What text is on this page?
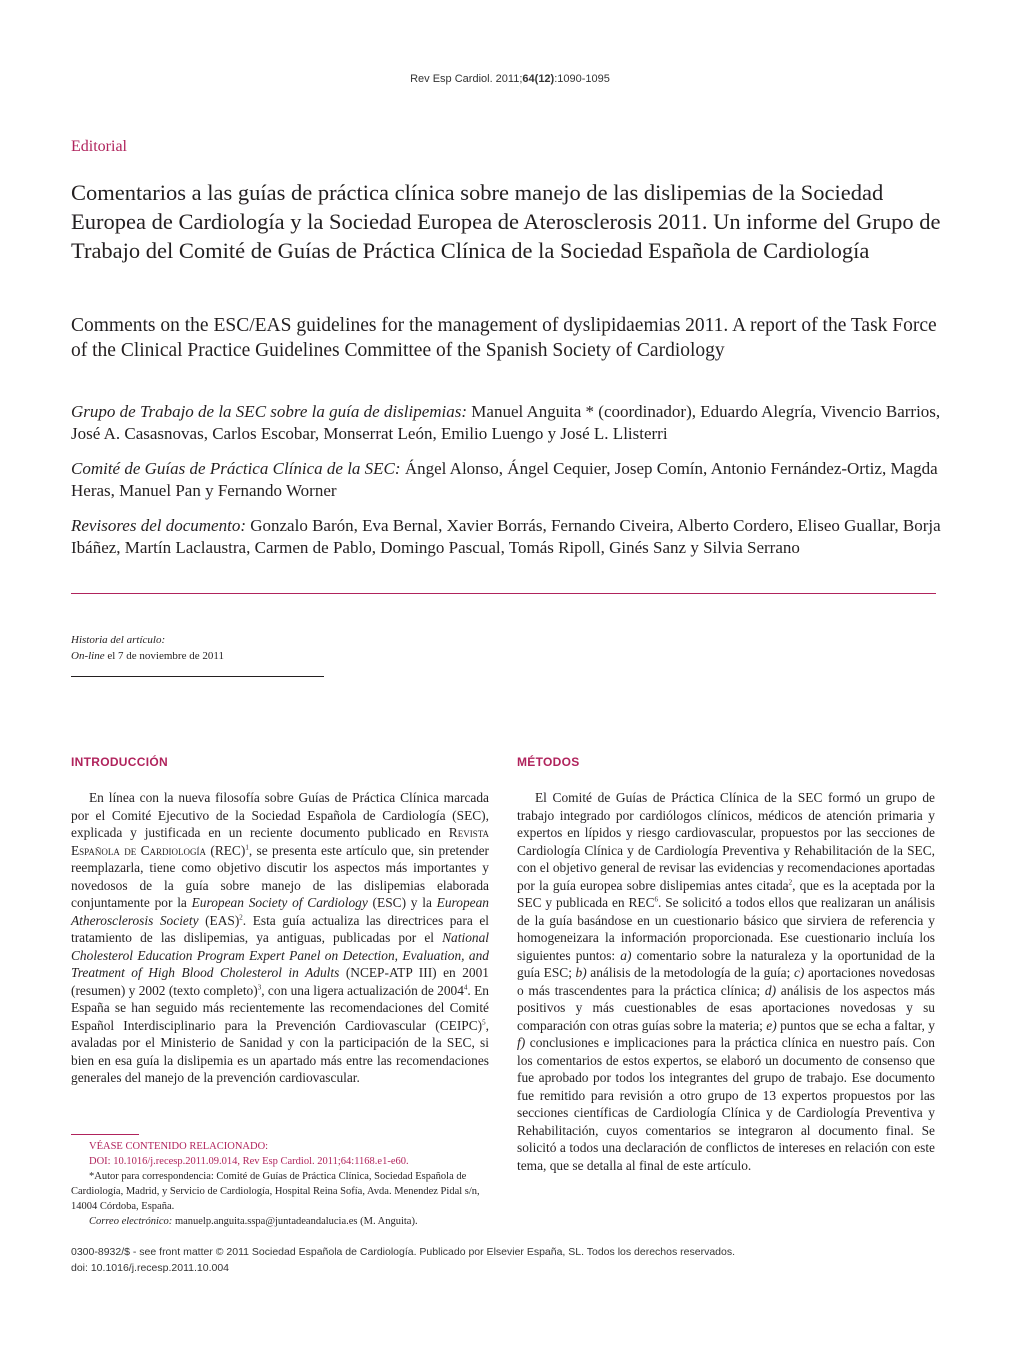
Rev Esp Cardiol. 2011;64(12):1090-1095
Editorial
Comentarios a las guías de práctica clínica sobre manejo de las dislipemias de la Sociedad Europea de Cardiología y la Sociedad Europea de Aterosclerosis 2011. Un informe del Grupo de Trabajo del Comité de Guías de Práctica Clínica de la Sociedad Española de Cardiología
Comments on the ESC/EAS guidelines for the management of dyslipidaemias 2011. A report of the Task Force of the Clinical Practice Guidelines Committee of the Spanish Society of Cardiology
Grupo de Trabajo de la SEC sobre la guía de dislipemias: Manuel Anguita * (coordinador), Eduardo Alegría, Vivencio Barrios, José A. Casasnovas, Carlos Escobar, Monserrat León, Emilio Luengo y José L. Llisterri
Comité de Guías de Práctica Clínica de la SEC: Ángel Alonso, Ángel Cequier, Josep Comín, Antonio Fernández-Ortiz, Magda Heras, Manuel Pan y Fernando Worner
Revisores del documento: Gonzalo Barón, Eva Bernal, Xavier Borrás, Fernando Civeira, Alberto Cordero, Eliseo Guallar, Borja Ibáñez, Martín Laclaustra, Carmen de Pablo, Domingo Pascual, Tomás Ripoll, Ginés Sanz y Silvia Serrano
Historia del artículo:
On-line el 7 de noviembre de 2011
INTRODUCCIÓN	MÉTODOS

En línea con la nueva filosofía sobre Guías de Práctica Clínica marcada por el Comité Ejecutivo de la Sociedad Española de Cardiología (SEC), explicada y justificada en un reciente documento publicado en Revista Española de Cardiología (REC)$^1$, se presenta este artículo que, sin pretender reemplazarla, tiene como objetivo discutir los aspectos más importantes y novedosos de la guía sobre manejo de las dislipemias elaborada conjuntamente por la European Society of Cardiology (ESC) y la European Atherosclerosis Society (EAS)$^2$. Esta guía actualiza las directrices para el tratamiento de las dislipemias, ya antiguas, publicadas por el National Cholesterol Education Program Expert Panel on Detection, Evaluation, and Treatment of High Blood Cholesterol in Adults (NCEP-ATP III) en 2001 (resumen) y 2002 (texto completo)$^3$, con una ligera actualización de 2004$^4$. En España se han seguido más recientemente las recomendaciones del Comité Español Interdisciplinario para la Prevención Cardiovascular (CEIPC)$^5$, avaladas por el Ministerio de Sanidad y con la participación de la SEC, si bien en esa guía la dislipemia es un apartado más entre las recomendaciones generales del manejo de la prevención cardiovascular.

El Comité de Guías de Práctica Clínica de la SEC formó un grupo de trabajo integrado por cardiólogos clínicos, médicos de atención primaria y expertos en lípidos y riesgo cardiovascular, propuestos por las secciones de Cardiología Clínica y de Cardiología Preventiva y Rehabilitación de la SEC, con el objetivo general de revisar las evidencias y recomendaciones aportadas por la guía europea sobre dislipemias antes citada$^2$, que es la aceptada por la SEC y publicada en REC$^6$. Se solicitó a todos ellos que realizaran un análisis de la guía basándose en un cuestionario básico que sirviera de referencia y homogeneizara la información proporcionada. Ese cuestionario incluía los siguientes puntos: a) comentario sobre la naturaleza y la oportunidad de la guía ESC; b) análisis de la metodología de la guía; c) aportaciones novedosas o más trascendentes para la práctica clínica; d) análisis de los aspectos más positivos y más cuestionables de esas aportaciones novedosas y su comparación con otras guías sobre la materia; e) puntos que se echa a faltar, y f) conclusiones e implicaciones para la práctica clínica en nuestro país. Con los comentarios de estos expertos, se elaboró un documento de consenso que fue aprobado por todos los integrantes del grupo de trabajo. Ese documento fue remitido para revisión a otro grupo de 13 expertos propuestos por las secciones científicas de Cardiología Clínica y de Cardiología Preventiva y Rehabilitación, cuyos comentarios se integraron al documento final. Se solicitó a todos una declaración de conflictos de intereses en relación con este tema, que se detalla al final de este artículo.

VÉASE CONTENIDO RELACIONADO:
DOI: 10.1016/j.recesp.2011.09.014, Rev Esp Cardiol. 2011;64:1168.e1-e60.
*Autor para correspondencia: Comité de Guías de Práctica Clínica, Sociedad Española de Cardiología, Madrid, y Servicio de Cardiología, Hospital Reina Sofía, Avda. Menendez Pidal s/n, 14004 Córdoba, España.
Correo electrónico: manuelp.anguita.sspa@juntadeandalucia.es (M. Anguita).
0300-8932/$ - see front matter © 2011 Sociedad Española de Cardiología. Publicado por Elsevier España, SL. Todos los derechos reservados.
doi: 10.1016/j.recesp.2011.10.004
